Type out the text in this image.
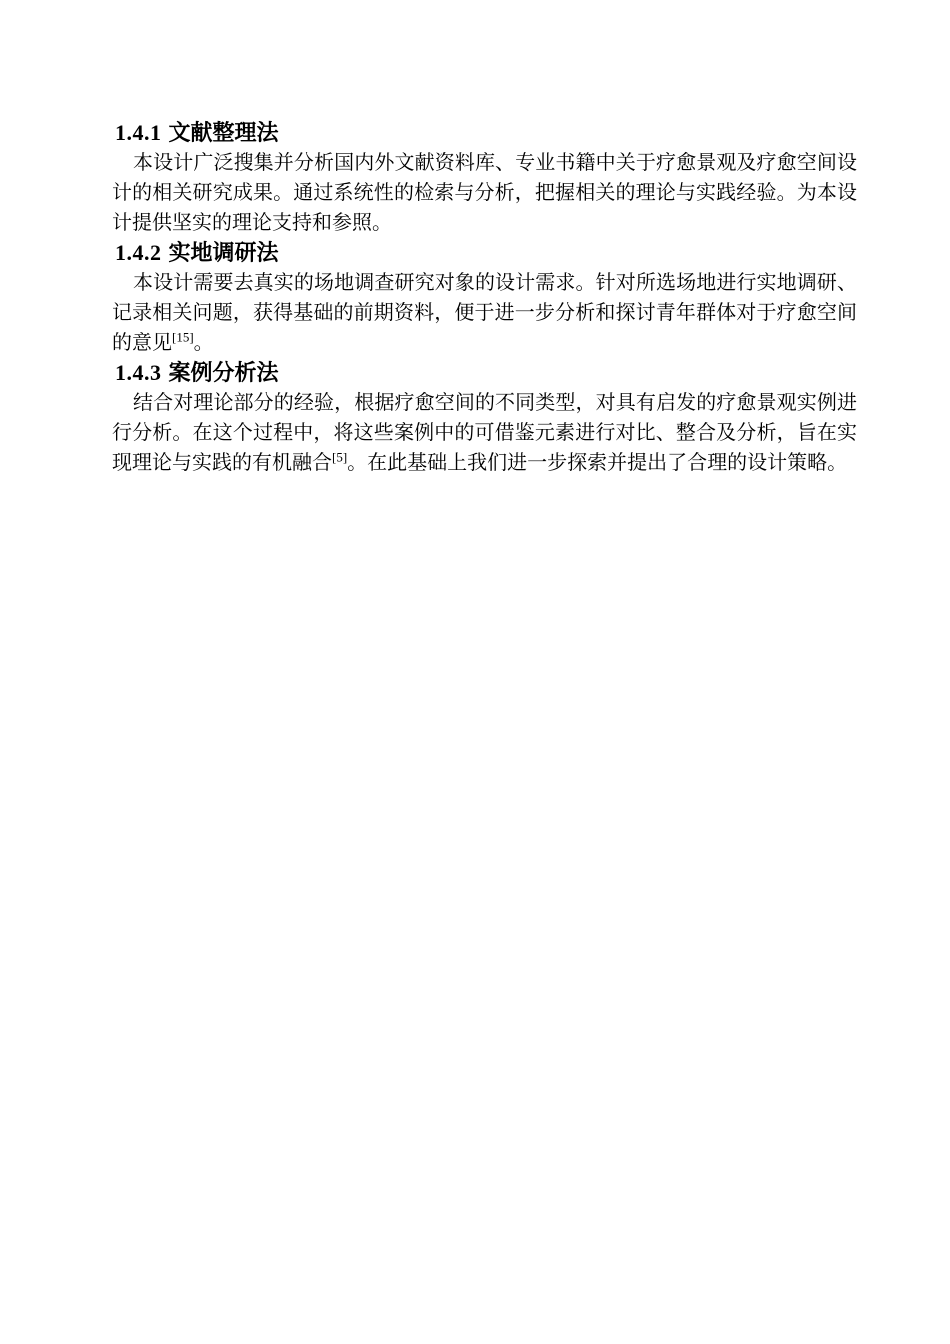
1.4.1 文献整理法

本设计广泛搜集并分析国内外文献资料库、专业书籍中关于疗愈景观及疗愈空间设计的相关研究成果。通过系统性的检索与分析，把握相关的理论与实践经验。为本设计提供坚实的理论支持和参照。

1.4.2 实地调研法

本设计需要去真实的场地调查研究对象的设计需求。针对所选场地进行实地调研、记录相关问题，获得基础的前期资料，便于进一步分析和探讨青年群体对于疗愈空间的意见[15]。

1.4.3 案例分析法

结合对理论部分的经验，根据疗愈空间的不同类型，对具有启发的疗愈景观实例进行分析。在这个过程中，将这些案例中的可借鉴元素进行对比、整合及分析，旨在实现理论与实践的有机融合[5]。在此基础上我们进一步探索并提出了合理的设计策略。
